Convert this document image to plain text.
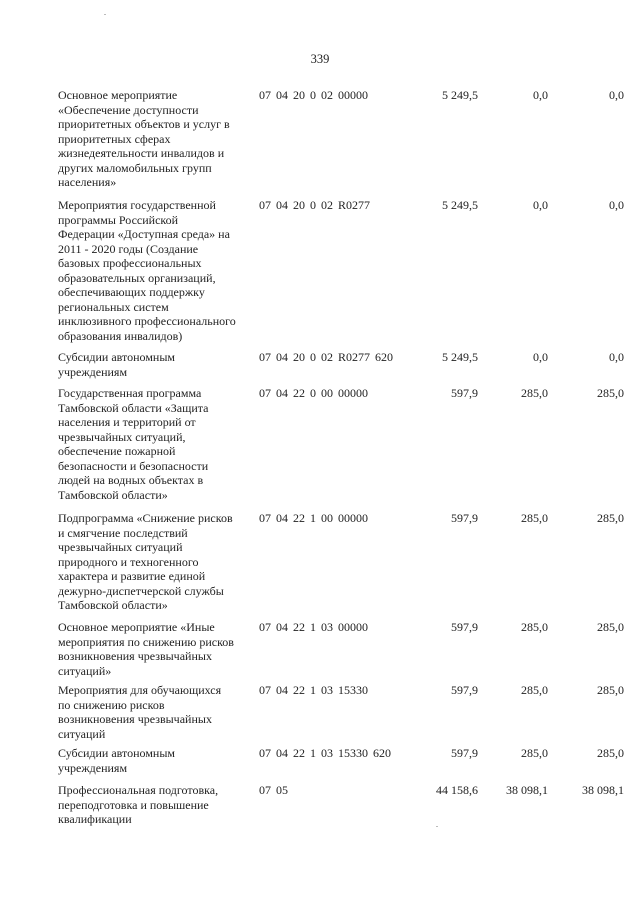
339
Основное мероприятие
«Обеспечение доступности
приоритетных объектов и услуг в
приоритетных сферах
жизнедеятельности инвалидов и
других маломобильных групп
населения»
07 04 20 0 02 00000	5 249,5	0,0	0,0
Мероприятия государственной
программы Российской
Федерации «Доступная среда» на
2011 - 2020 годы (Создание
базовых профессиональных
образовательных организаций,
обеспечивающих поддержку
региональных систем
инклюзивного профессионального
образования инвалидов)
07 04 20 0 02 R0277	5 249,5	0,0	0,0
Субсидии автономным
учреждениям
07 04 20 0 02 R0277 620	5 249,5	0,0	0,0
Государственная программа
Тамбовской области «Защита
населения и территорий от
чрезвычайных ситуаций,
обеспечение пожарной
безопасности и безопасности
людей на водных объектах в
Тамбовской области»
07 04 22 0 00 00000	597,9	285,0	285,0
Подпрограмма «Снижение рисков
и смягчение последствий
чрезвычайных ситуаций
природного и техногенного
характера и развитие единой
дежурно-диспетчерской службы
Тамбовской области»
07 04 22 1 00 00000	597,9	285,0	285,0
Основное мероприятие «Иные
мероприятия по снижению рисков
возникновения чрезвычайных
ситуаций»
07 04 22 1 03 00000	597,9	285,0	285,0
Мероприятия для обучающихся
по снижению рисков
возникновения чрезвычайных
ситуаций
07 04 22 1 03 15330	597,9	285,0	285,0
Субсидии автономным
учреждениям
07 04 22 1 03 15330 620	597,9	285,0	285,0
Профессиональная подготовка,
переподготовка и повышение
квалификации
07 05	44 158,6	38 098,1	38 098,1
